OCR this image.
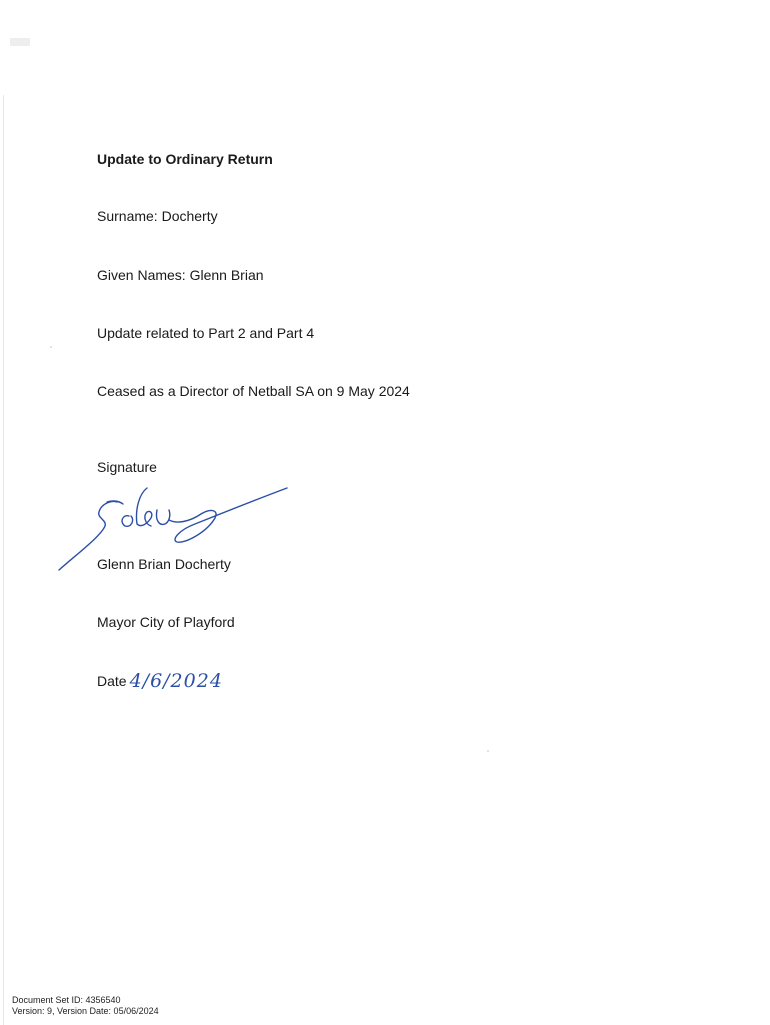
Update to Ordinary Return
Surname: Docherty
Given Names: Glenn Brian
Update related to Part 2 and Part 4
Ceased as a Director of Netball SA on 9 May 2024
Signature
Glenn Brian Docherty
Mayor City of Playford
Date 4/6/2024
Document Set ID: 4356540
Version: 9, Version Date: 05/06/2024
